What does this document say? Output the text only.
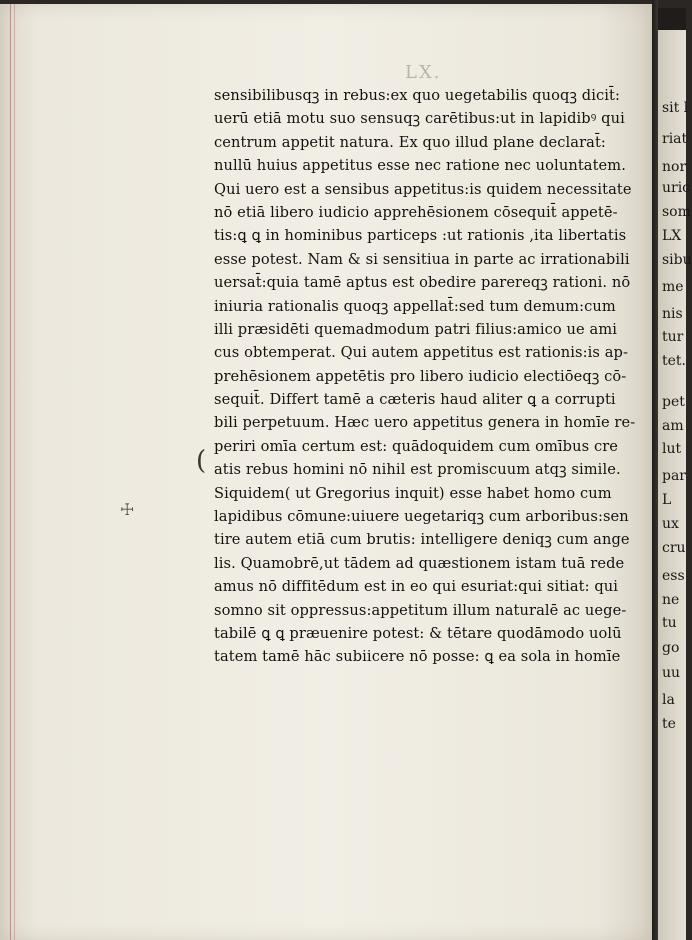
LX.
sensibilibusqꝫ in rebus:ex quo uegetabilis quoqꝫ dicit̄:
uerū etiā motu suo sensuqꝫ carētibus:ut in lapidibꝰ qui
centrum appetit natura. Ex quo illud plane declarat̄:
nullū huius appetitus esse nec ratione nec uoluntatem.
Qui uero est a sensibus appetitus:is quidem necessitate
nō etiā libero iudicio apprehēsionem cōsequit̄ appetē-
tis:ꝗ ꝗ in hominibus particeps :ut rationis ,ita libertatis
esse potest. Nam & si sensitiua in parte ac irrationabili
uersat̄:quia tamē aptus est obedire parereqꝫ rationi. nō
iniuria rationalis quoqꝫ appellat̄:sed tum demum:cum
illi præsidēti quemadmodum patri filius:amico ue ami
cus obtemperat. Qui autem appetitus est rationis:is ap-
prehēsionem appetētis pro libero iudicio electiōeqꝫ cō-
sequit̄. Differt tamē a cæteris haud aliter ꝗ a corrupti
bili perpetuum. Hæc uero appetitus genera in homīe re-
periri omīa certum est: quādoquidem cum omībus cre
atis rebus homini nō nihil est promiscuum atqꝫ simile.
Siquidem( ut Gregorius inquit) esse habet homo cum
lapidibus cōmune:uiuere uegetariqꝫ cum arboribus:sen
tire autem etiā cum brutis: intelligere deniqꝫ cum ange
lis. Quamobrē,ut tādem ad quæstionem istam tuā rede
amus nō diffitēdum est in eo qui esuriat:qui sitiat: qui
somno sit oppressus:appetitum illum naturalē ac uege-
tabilē ꝗ ꝗ præuenire potest: & tētare quodāmodo uolū
tatem tamē hāc subiicere nō posse: ꝗ ea sola in homīe
(
☩
sit l
riat
nor
uric
som
LX
sibu
me
nis
tur
tet.
pet
am
lut
par
L
ux
cru
ess
ne
tu
go
uu
la
te
